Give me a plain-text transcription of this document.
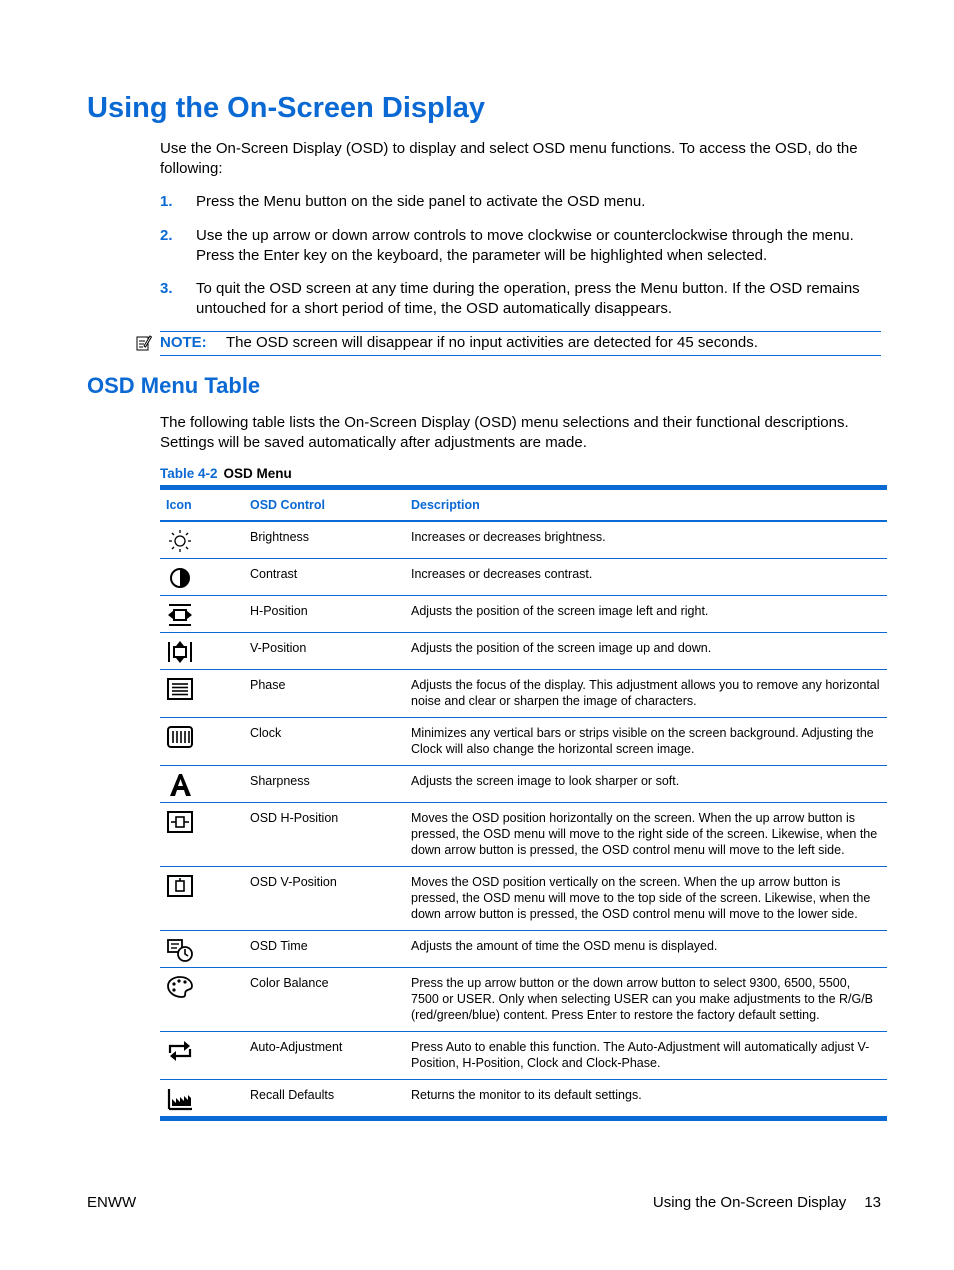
Using the On-Screen Display

Use the On-Screen Display (OSD) to display and select OSD menu functions. To access the OSD, do the following:

1. Press the Menu button on the side panel to activate the OSD menu.
2. Use the up arrow or down arrow controls to move clockwise or counterclockwise through the menu. Press the Enter key on the keyboard, the parameter will be highlighted when selected.
3. To quit the OSD screen at any time during the operation, press the Menu button. If the OSD remains untouched for a short period of time, the OSD automatically disappears.
NOTE: The OSD screen will disappear if no input activities are detected for 45 seconds.
OSD Menu Table

The following table lists the On-Screen Display (OSD) menu selections and their functional descriptions. Settings will be saved automatically after adjustments are made.

Table 4-2 OSD Menu
Icon	OSD Control	Description

	Brightness	Increases or decreases brightness.

	Contrast	Increases or decreases contrast.

	H-Position	Adjusts the position of the screen image left and right.

	V-Position	Adjusts the position of the screen image up and down.

	Phase	Adjusts the focus of the display. This adjustment allows you to remove any horizontal noise and clear or sharpen the image of characters.

	Clock	Minimizes any vertical bars or strips visible on the screen background. Adjusting the Clock will also change the horizontal screen image.

	Sharpness	Adjusts the screen image to look sharper or soft.

	OSD H-Position	Moves the OSD position horizontally on the screen. When the up arrow button is pressed, the OSD menu will move to the right side of the screen. Likewise, when the down arrow button is pressed, the OSD control menu will move to the left side.

	OSD V-Position	Moves the OSD position vertically on the screen. When the up arrow button is pressed, the OSD menu will move to the top side of the screen. Likewise, when the down arrow button is pressed, the OSD control menu will move to the lower side.

	OSD Time	Adjusts the amount of time the OSD menu is displayed.

	Color Balance	Press the up arrow button or the down arrow button to select 9300, 6500, 5500, 7500 or USER. Only when selecting USER can you make adjustments to the R/G/B (red/green/blue) content. Press Enter to restore the factory default setting.

	Auto-Adjustment	Press Auto to enable this function. The Auto-Adjustment will automatically adjust V-Position, H-Position, Clock and Clock-Phase.

	Recall Defaults	Returns the monitor to its default settings.
ENWW	Using the On-Screen Display 13
